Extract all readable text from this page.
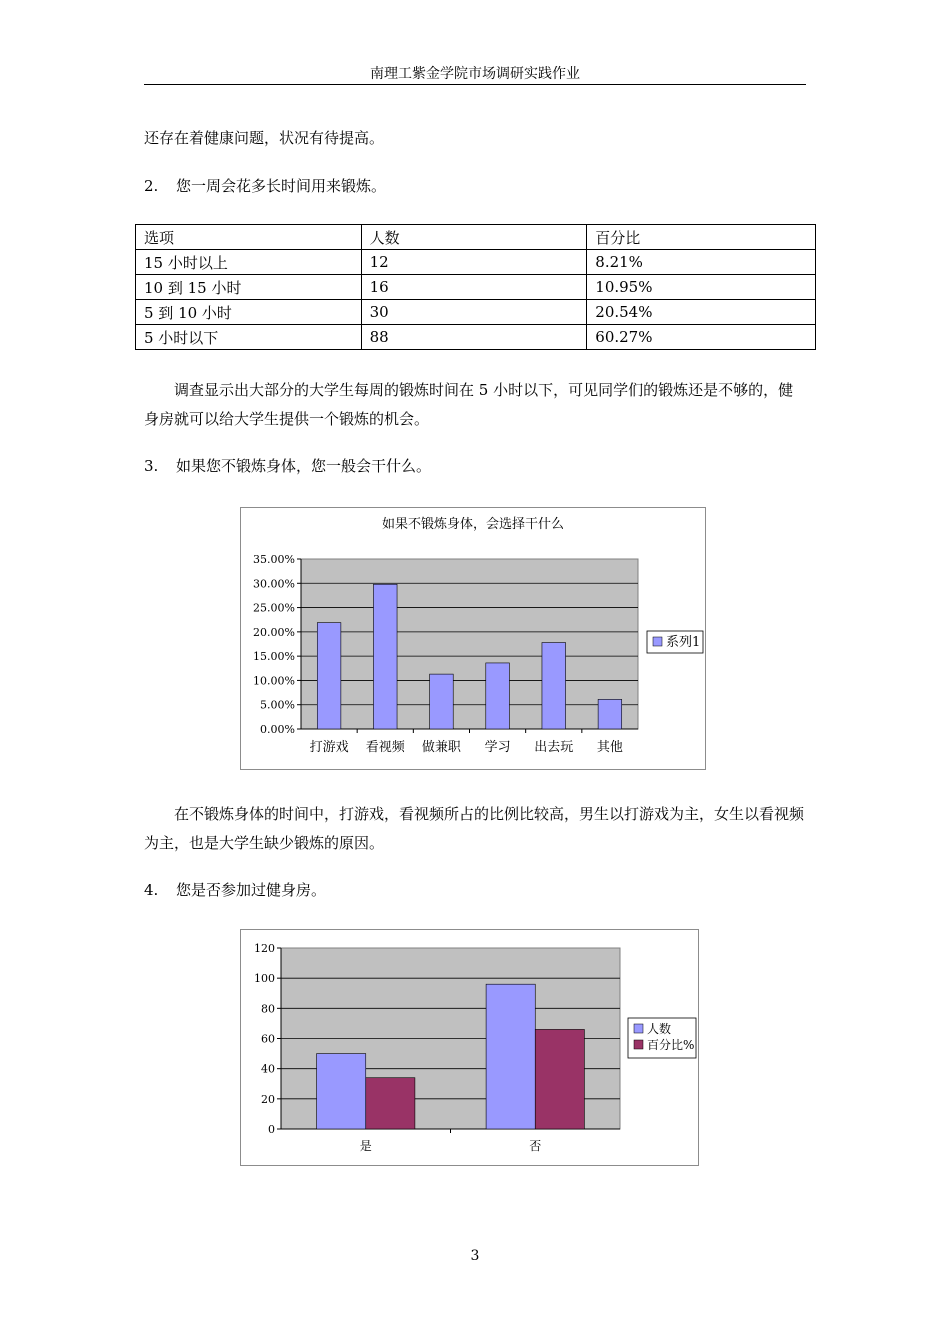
南理工紫金学院市场调研实践作业

还存在着健康问题，状况有待提高。

2. 您一周会花多长时间用来锻炼。

选项	人数	百分比
15 小时以上	12	8.21%
10 到 15 小时	16	10.95%
5 到 10 小时	30	20.54%
5 小时以下	88	60.27%

调查显示出大部分的大学生每周的锻炼时间在 5 小时以下，可见同学们的锻炼还是不够的，健身房就可以给大学生提供一个锻炼的机会。

3. 如果您不锻炼身体，您一般会干什么。

0.00%
5.00%
10.00%
15.00%
20.00%
25.00%
30.00%
35.00%
打游戏 看视频 做兼职 学习 出去玩 其他
如果不锻炼身体，会选择干什么
系列1

在不锻炼身体的时间中，打游戏，看视频所占的比例比较高，男生以打游戏为主，女生以看视频为主，也是大学生缺少锻炼的原因。

4. 您是否参加过健身房。

0
20
40
60
80
100
120
是	否
人数
百分比%
3
